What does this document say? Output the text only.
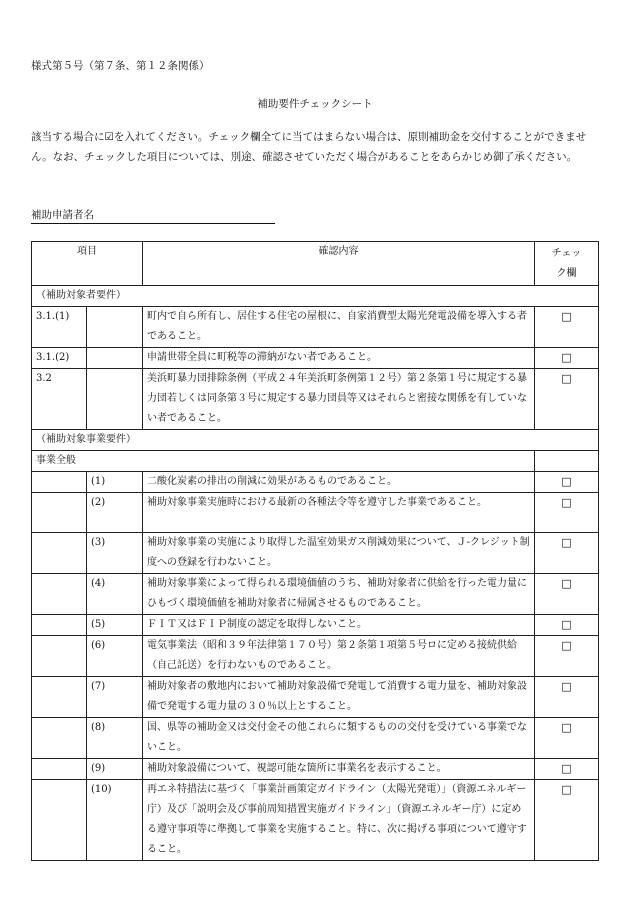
様式第５号（第７条、第１２条関係）
補助要件チェックシート
該当する場合に☑を入れてください。チェック欄全てに当てはまらない場合は、原則補助金を交付することができません。なお、チェックした項目については、別途、確認させていただく場合があることをあらかじめ御了承ください。
補助申請者名
項目		確認内容	チェック欄
（補助対象者要件）			
3.1.(1)		町内で自ら所有し、居住する住宅の屋根に、自家消費型太陽光発電設備を導入する者であること。	□
3.1.(2)		申請世帯全員に町税等の滞納がない者であること。	□
3.2		美浜町暴力団排除条例（平成２４年美浜町条例第１２号）第２条第１号に規定する暴力団若しくは同条第３号に規定する暴力団員等又はそれらと密接な関係を有していない者であること。	□
（補助対象事業要件）			
事業全般			
	(1)	二酸化炭素の排出の削減に効果があるものであること。	□
	(2)	補助対象事業実施時における最新の各種法令等を遵守した事業であること。	□
	(3)	補助対象事業の実施により取得した温室効果ガス削減効果について、Ｊ-クレジット制度への登録を行わないこと。	□
	(4)	補助対象事業によって得られる環境価値のうち、補助対象者に供給を行った電力量にひもづく環境価値を補助対象者に帰属させるものであること。	□
	(5)	ＦＩＴ又はＦＩＰ制度の認定を取得しないこと。	□
	(6)	電気事業法（昭和３９年法律第１７０号）第２条第１項第５号ロに定める接続供給（自己託送）を行わないものであること。	□
	(7)	補助対象者の敷地内において補助対象設備で発電して消費する電力量を、補助対象設備で発電する電力量の３０％以上とすること。	□
	(8)	国、県等の補助金又は交付金その他これらに類するものの交付を受けている事業でないこと。	□
	(9)	補助対象設備について、視認可能な箇所に事業名を表示すること。	□
	(10)	再エネ特措法に基づく「事業計画策定ガイドライン（太陽光発電）」（資源エネルギー庁）及び「説明会及び事前周知措置実施ガイドライン」（資源エネルギー庁）に定める遵守事項等に準拠して事業を実施すること。特に、次に掲げる事項について遵守すること。	□
